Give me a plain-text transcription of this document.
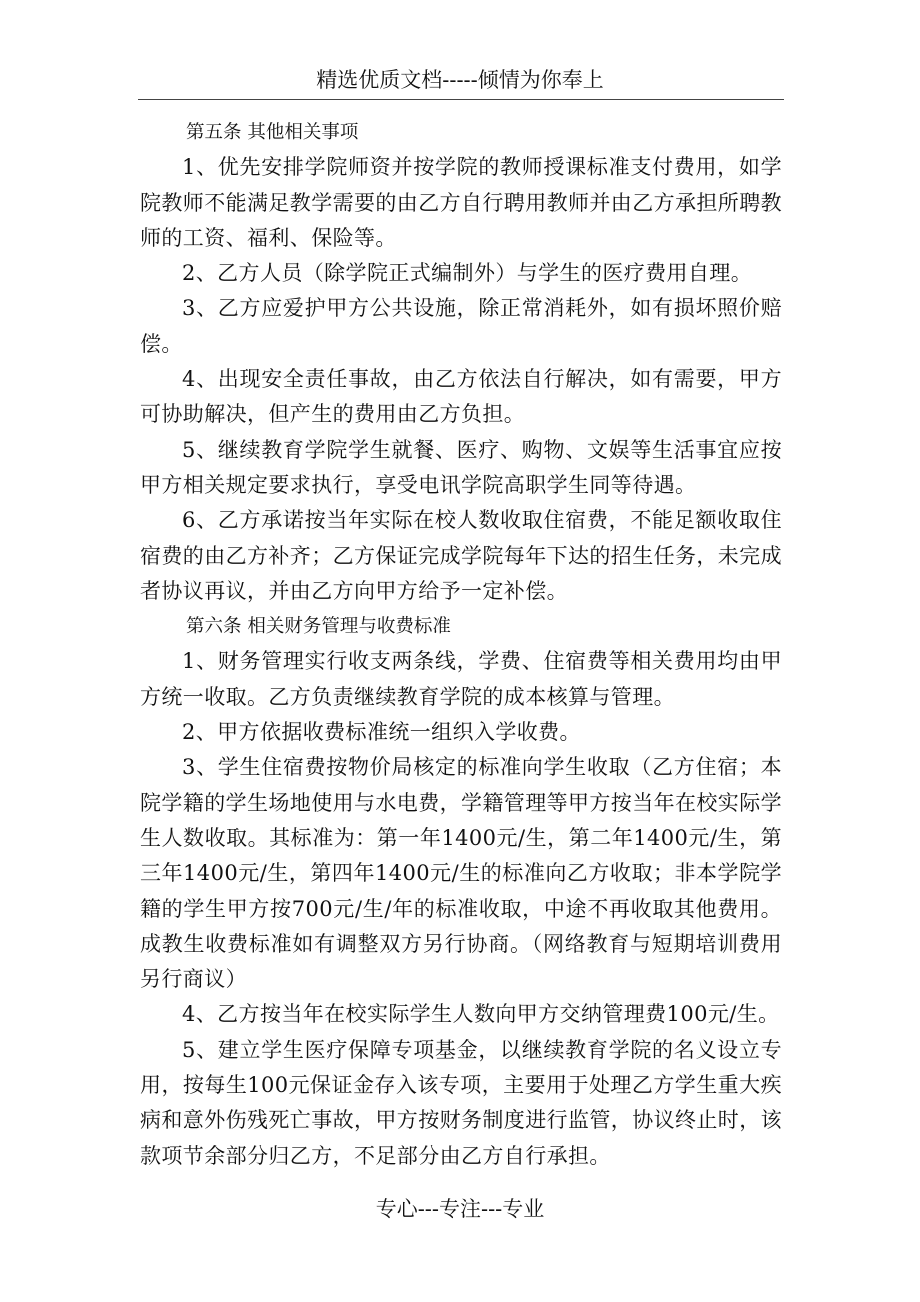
精选优质文档-----倾情为你奉上

第五条 其他相关事项

1、优先安排学院师资并按学院的教师授课标准支付费用，如学院教师不能满足教学需要的由乙方自行聘用教师并由乙方承担所聘教师的工资、福利、保险等。

2、乙方人员（除学院正式编制外）与学生的医疗费用自理。

3、乙方应爱护甲方公共设施，除正常消耗外，如有损坏照价赔偿。

4、出现安全责任事故，由乙方依法自行解决，如有需要，甲方可协助解决，但产生的费用由乙方负担。

5、继续教育学院学生就餐、医疗、购物、文娱等生活事宜应按甲方相关规定要求执行，享受电讯学院高职学生同等待遇。

6、乙方承诺按当年实际在校人数收取住宿费，不能足额收取住宿费的由乙方补齐；乙方保证完成学院每年下达的招生任务，未完成者协议再议，并由乙方向甲方给予一定补偿。

第六条 相关财务管理与收费标准

1、财务管理实行收支两条线，学费、住宿费等相关费用均由甲方统一收取。乙方负责继续教育学院的成本核算与管理。

2、甲方依据收费标准统一组织入学收费。

3、学生住宿费按物价局核定的标准向学生收取（乙方住宿；本院学籍的学生场地使用与水电费，学籍管理等甲方按当年在校实际学生人数收取。其标准为：第一年1400元/生，第二年1400元/生，第三年1400元/生，第四年1400元/生的标准向乙方收取；非本学院学籍的学生甲方按700元/生/年的标准收取，中途不再收取其他费用。成教生收费标准如有调整双方另行协商。（网络教育与短期培训费用另行商议）

4、乙方按当年在校实际学生人数向甲方交纳管理费100元/生。

5、建立学生医疗保障专项基金，以继续教育学院的名义设立专用，按每生100元保证金存入该专项，主要用于处理乙方学生重大疾病和意外伤残死亡事故，甲方按财务制度进行监管，协议终止时，该款项节余部分归乙方，不足部分由乙方自行承担。

专心---专注---专业
